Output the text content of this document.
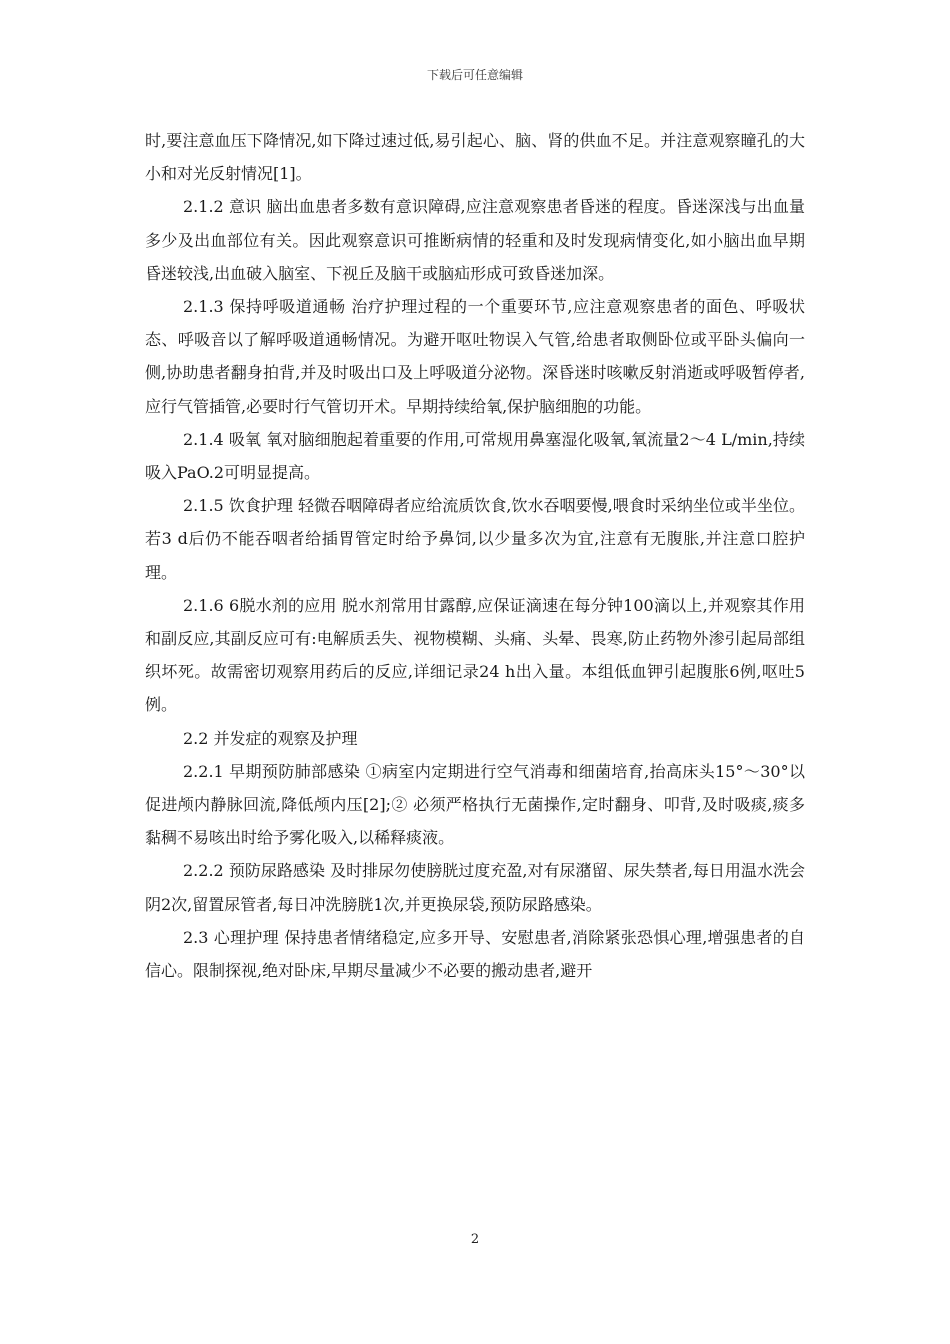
下载后可任意编辑

时,要注意血压下降情况,如下降过速过低,易引起心、脑、肾的供血不足。并注意观察瞳孔的大小和对光反射情况[1]。

2.1.2 意识 脑出血患者多数有意识障碍,应注意观察患者昏迷的程度。昏迷深浅与出血量多少及出血部位有关。因此观察意识可推断病情的轻重和及时发现病情变化,如小脑出血早期昏迷较浅,出血破入脑室、下视丘及脑干或脑疝形成可致昏迷加深。

2.1.3 保持呼吸道通畅 治疗护理过程的一个重要环节,应注意观察患者的面色、呼吸状态、呼吸音以了解呼吸道通畅情况。为避开呕吐物误入气管,给患者取侧卧位或平卧头偏向一侧,协助患者翻身拍背,并及时吸出口及上呼吸道分泌物。深昏迷时咳嗽反射消逝或呼吸暂停者,应行气管插管,必要时行气管切开术。早期持续给氧,保护脑细胞的功能。

2.1.4 吸氧 氧对脑细胞起着重要的作用,可常规用鼻塞湿化吸氧,氧流量2～4 L/min,持续吸入PaO.2可明显提高。

2.1.5 饮食护理 轻微吞咽障碍者应给流质饮食,饮水吞咽要慢,喂食时采纳坐位或半坐位。若3 d后仍不能吞咽者给插胃管定时给予鼻饲,以少量多次为宜,注意有无腹胀,并注意口腔护理。

2.1.6 6脱水剂的应用 脱水剂常用甘露醇,应保证滴速在每分钟100滴以上,并观察其作用和副反应,其副反应可有:电解质丢失、视物模糊、头痛、头晕、畏寒,防止药物外渗引起局部组织坏死。故需密切观察用药后的反应,详细记录24 h出入量。本组低血钾引起腹胀6例,呕吐5例。

2.2 并发症的观察及护理

2.2.1 早期预防肺部感染 ①病室内定期进行空气消毒和细菌培育,抬高床头15°～30°以促进颅内静脉回流,降低颅内压[2];② 必须严格执行无菌操作,定时翻身、叩背,及时吸痰,痰多黏稠不易咳出时给予雾化吸入,以稀释痰液。

2.2.2 预防尿路感染 及时排尿勿使膀胱过度充盈,对有尿潴留、尿失禁者,每日用温水洗会阴2次,留置尿管者,每日冲洗膀胱1次,并更换尿袋,预防尿路感染。

2.3 心理护理 保持患者情绪稳定,应多开导、安慰患者,消除紧张恐惧心理,增强患者的自信心。限制探视,绝对卧床,早期尽量减少不必要的搬动患者,避开

2
